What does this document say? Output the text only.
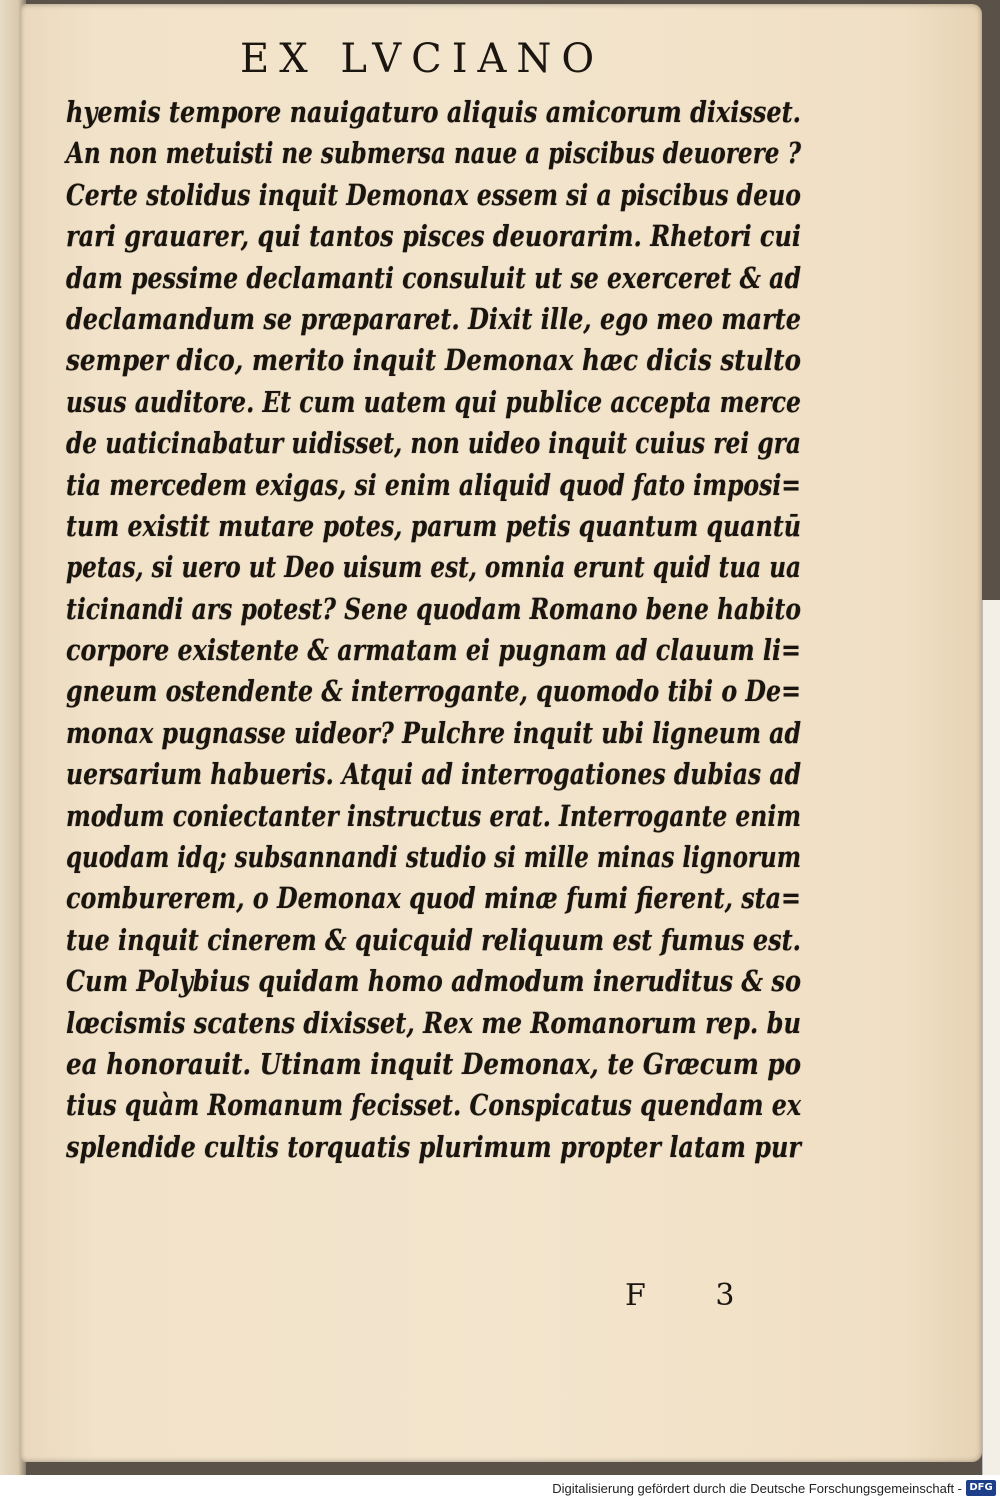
EX LVCIANO
hyemis tempore nauigaturo aliquis amicorum dixisset.
An non metuisti ne submersa naue a piscibus deuorere ?
Certe stolidus inquit Demonax essem si a piscibus deuo
rari grauarer, qui tantos pisces deuorarim. Rhetori cui
dam pessime declamanti consuluit ut se exerceret & ad
declamandum se præpararet. Dixit ille, ego meo marte
semper dico, merito inquit Demonax hæc dicis stulto
usus auditore. Et cum uatem qui publice accepta merce
de uaticinabatur uidisset, non uideo inquit cuius rei gra
tia mercedem exigas, si enim aliquid quod fato imposi=
tum existit mutare potes, parum petis quantum quantū
petas, si uero ut Deo uisum est, omnia erunt quid tua ua
ticinandi ars potest? Sene quodam Romano bene habito
corpore existente & armatam ei pugnam ad clauum li=
gneum ostendente & interrogante, quomodo tibi o De=
monax pugnasse uideor? Pulchre inquit ubi ligneum ad
uersarium habueris. Atqui ad interrogationes dubias ad
modum coniectanter instructus erat. Interrogante enim
quodam idq; subsannandi studio si mille minas lignorum
comburerem, o Demonax quod minæ fumi fierent, sta=
tue inquit cinerem & quicquid reliquum est fumus est.
Cum Polybius quidam homo admodum ineruditus & so
lœcismis scatens dixisset, Rex me Romanorum rep. bu
ea honorauit. Utinam inquit Demonax, te Græcum po
tius quàm Romanum fecisset. Conspicatus quendam ex
splendide cultis torquatis plurimum propter latam pur
F 3
Digitalisierung gefördert durch die Deutsche Forschungsgemeinschaft - DFG
